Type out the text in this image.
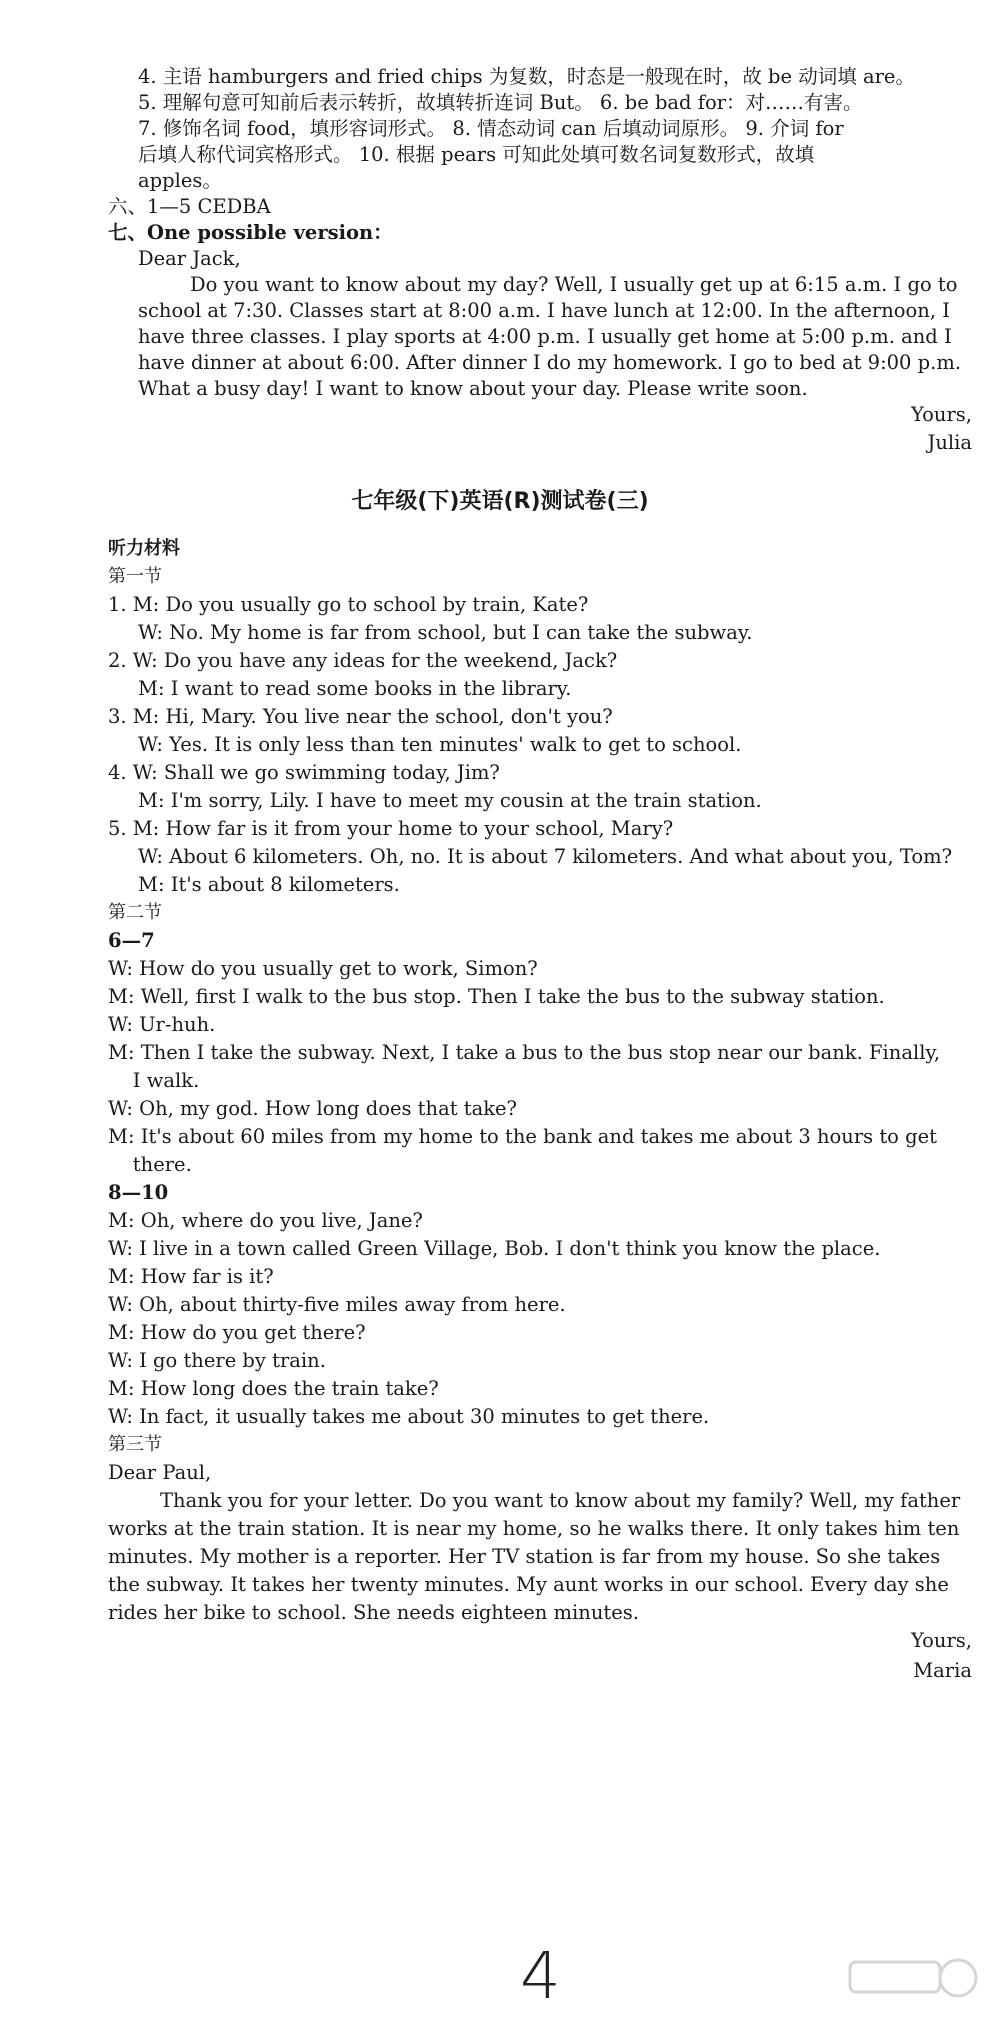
4. 主语 hamburgers and fried chips 为复数，时态是一般现在时，故 be 动词填 are。
5. 理解句意可知前后表示转折，故填转折连词 But。 6. be bad for：对……有害。
7. 修饰名词 food，填形容词形式。 8. 情态动词 can 后填动词原形。 9. 介词 for
后填人称代词宾格形式。 10. 根据 pears 可知此处填可数名词复数形式，故填
apples。
六、1—5 CEDBA
七、One possible version：
Dear Jack,
Do you want to know about my day? Well, I usually get up at 6:15 a.m. I go to
school at 7:30. Classes start at 8:00 a.m. I have lunch at 12:00. In the afternoon, I
have three classes. I play sports at 4:00 p.m. I usually get home at 5:00 p.m. and I
have dinner at about 6:00. After dinner I do my homework. I go to bed at 9:00 p.m.
What a busy day! I want to know about your day. Please write soon.
Yours,
Julia
七年级(下)英语(R)测试卷(三)
听力材料
第一节
1. M: Do you usually go to school by train, Kate?
W: No. My home is far from school, but I can take the subway.
2. W: Do you have any ideas for the weekend, Jack?
M: I want to read some books in the library.
3. M: Hi, Mary. You live near the school, don't you?
W: Yes. It is only less than ten minutes' walk to get to school.
4. W: Shall we go swimming today, Jim?
M: I'm sorry, Lily. I have to meet my cousin at the train station.
5. M: How far is it from your home to your school, Mary?
W: About 6 kilometers. Oh, no. It is about 7 kilometers. And what about you, Tom?
M: It's about 8 kilometers.
第二节
6—7
W: How do you usually get to work, Simon?
M: Well, first I walk to the bus stop. Then I take the bus to the subway station.
W: Ur-huh.
M: Then I take the subway. Next, I take a bus to the bus stop near our bank. Finally,
I walk.
W: Oh, my god. How long does that take?
M: It's about 60 miles from my home to the bank and takes me about 3 hours to get
there.
8—10
M: Oh, where do you live, Jane?
W: I live in a town called Green Village, Bob. I don't think you know the place.
M: How far is it?
W: Oh, about thirty-five miles away from here.
M: How do you get there?
W: I go there by train.
M: How long does the train take?
W: In fact, it usually takes me about 30 minutes to get there.
第三节
Dear Paul,
Thank you for your letter. Do you want to know about my family? Well, my father
works at the train station. It is near my home, so he walks there. It only takes him ten
minutes. My mother is a reporter. Her TV station is far from my house. So she takes
the subway. It takes her twenty minutes. My aunt works in our school. Every day she
rides her bike to school. She needs eighteen minutes.
Yours,
Maria
4
